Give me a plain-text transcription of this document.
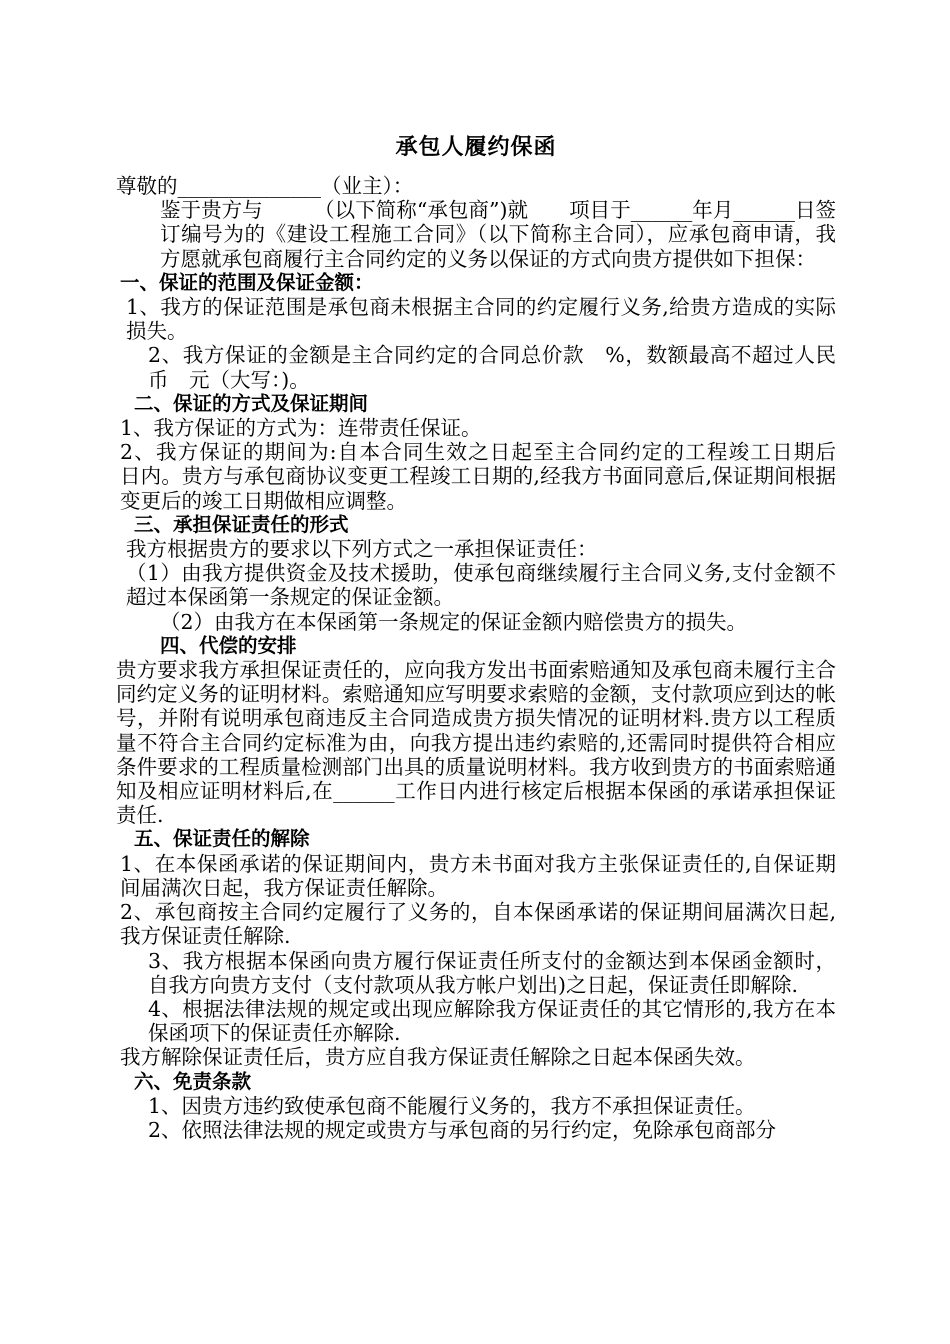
承包人履约保函
尊敬的______________（业主）：
鉴于贵方与　　　（以下简称“承包商”)就　　项目于______年月______日签订编号为的《建设工程施工合同》（以下简称主合同），应承包商申请，我方愿就承包商履行主合同约定的义务以保证的方式向贵方提供如下担保：
一、保证的范围及保证金额：
1、我方的保证范围是承包商未根据主合同的约定履行义务,给贵方造成的实际损失。
2、我方保证的金额是主合同约定的合同总价款　%，数额最高不超过人民币　元（大写：)。
二、保证的方式及保证期间
1、我方保证的方式为：连带责任保证。
2、我方保证的期间为:自本合同生效之日起至主合同约定的工程竣工日期后　日内。贵方与承包商协议变更工程竣工日期的,经我方书面同意后,保证期间根据变更后的竣工日期做相应调整。
三、承担保证责任的形式
我方根据贵方的要求以下列方式之一承担保证责任：
（1）由我方提供资金及技术援助，使承包商继续履行主合同义务,支付金额不超过本保函第一条规定的保证金额。
（2）由我方在本保函第一条规定的保证金额内赔偿贵方的损失。
四、代偿的安排
贵方要求我方承担保证责任的，应向我方发出书面索赔通知及承包商未履行主合同约定义务的证明材料。索赔通知应写明要求索赔的金额，支付款项应到达的帐号，并附有说明承包商违反主合同造成贵方损失情况的证明材料.贵方以工程质量不符合主合同约定标准为由，向我方提出违约索赔的,还需同时提供符合相应条件要求的工程质量检测部门出具的质量说明材料。我方收到贵方的书面索赔通知及相应证明材料后,在______工作日内进行核定后根据本保函的承诺承担保证责任.
五、保证责任的解除
1、在本保函承诺的保证期间内，贵方未书面对我方主张保证责任的,自保证期间届满次日起，我方保证责任解除。
2、承包商按主合同约定履行了义务的，自本保函承诺的保证期间届满次日起,我方保证责任解除.
3、我方根据本保函向贵方履行保证责任所支付的金额达到本保函金额时，自我方向贵方支付（支付款项从我方帐户划出)之日起，保证责任即解除.
4、根据法律法规的规定或出现应解除我方保证责任的其它情形的,我方在本保函项下的保证责任亦解除.
我方解除保证责任后，贵方应自我方保证责任解除之日起本保函失效。
六、免责条款
1、因贵方违约致使承包商不能履行义务的，我方不承担保证责任。
2、依照法律法规的规定或贵方与承包商的另行约定，免除承包商部分
